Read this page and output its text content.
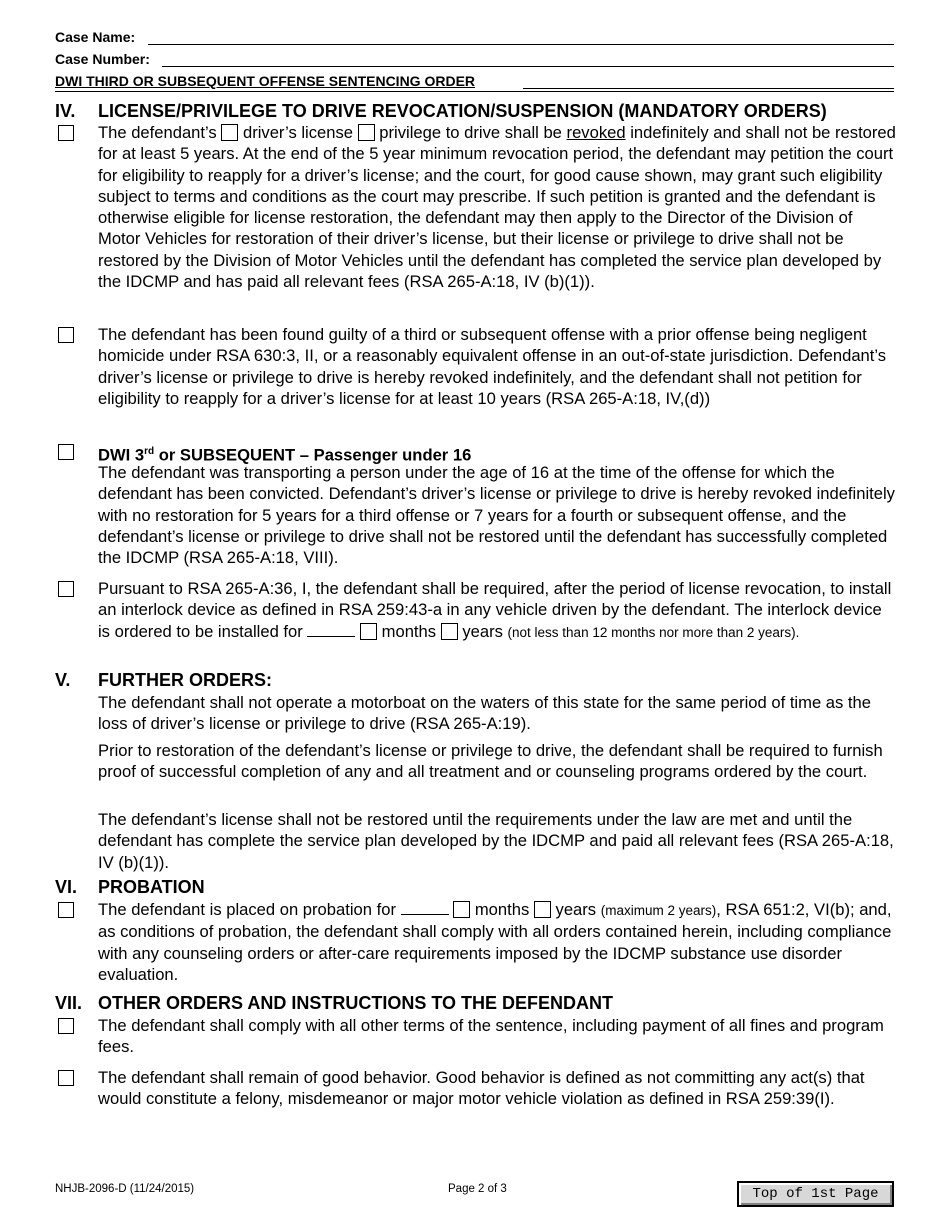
Case Name:
Case Number:
DWI THIRD OR SUBSEQUENT OFFENSE SENTENCING ORDER
IV. LICENSE/PRIVILEGE TO DRIVE REVOCATION/SUSPENSION (MANDATORY ORDERS)
The defendant’s driver’s license privilege to drive shall be revoked indefinitely and shall not be restored for at least 5 years. At the end of the 5 year minimum revocation period, the defendant may petition the court for eligibility to reapply for a driver’s license; and the court, for good cause shown, may grant such eligibility subject to terms and conditions as the court may prescribe. If such petition is granted and the defendant is otherwise eligible for license restoration, the defendant may then apply to the Director of the Division of Motor Vehicles for restoration of their driver’s license, but their license or privilege to drive shall not be restored by the Division of Motor Vehicles until the defendant has completed the service plan developed by the IDCMP and has paid all relevant fees (RSA 265-A:18, IV (b)(1)).
The defendant has been found guilty of a third or subsequent offense with a prior offense being negligent homicide under RSA 630:3, II, or a reasonably equivalent offense in an out-of-state jurisdiction. Defendant’s driver’s license or privilege to drive is hereby revoked indefinitely, and the defendant shall not petition for eligibility to reapply for a driver’s license for at least 10 years (RSA 265-A:18, IV,(d))
DWI 3rd or SUBSEQUENT – Passenger under 16
The defendant was transporting a person under the age of 16 at the time of the offense for which the defendant has been convicted. Defendant’s driver’s license or privilege to drive is hereby revoked indefinitely with no restoration for 5 years for a third offense or 7 years for a fourth or subsequent offense, and the defendant’s license or privilege to drive shall not be restored until the defendant has successfully completed the IDCMP (RSA 265-A:18, VIII).
Pursuant to RSA 265-A:36, I, the defendant shall be required, after the period of license revocation, to install an interlock device as defined in RSA 259:43-a in any vehicle driven by the defendant. The interlock device is ordered to be installed for	months years (not less than 12 months nor more than 2 years).
V. FURTHER ORDERS:
The defendant shall not operate a motorboat on the waters of this state for the same period of time as the loss of driver’s license or privilege to drive (RSA 265-A:19).
Prior to restoration of the defendant’s license or privilege to drive, the defendant shall be required to furnish proof of successful completion of any and all treatment and or counseling programs ordered by the court.
The defendant’s license shall not be restored until the requirements under the law are met and until the defendant has complete the service plan developed by the IDCMP and paid all relevant fees (RSA 265-A:18, IV (b)(1)).
VI. PROBATION
The defendant is placed on probation for	months years (maximum 2 years), RSA 651:2, VI(b); and, as conditions of probation, the defendant shall comply with all orders contained herein, including compliance with any counseling orders or after-care requirements imposed by the IDCMP substance use disorder evaluation.
VII. OTHER ORDERS AND INSTRUCTIONS TO THE DEFENDANT
The defendant shall comply with all other terms of the sentence, including payment of all fines and program fees.
The defendant shall remain of good behavior. Good behavior is defined as not committing any act(s) that would constitute a felony, misdemeanor or major motor vehicle violation as defined in RSA 259:39(I).
NHJB-2096-D (11/24/2015)	Page 2 of 3	Top of 1st Page
